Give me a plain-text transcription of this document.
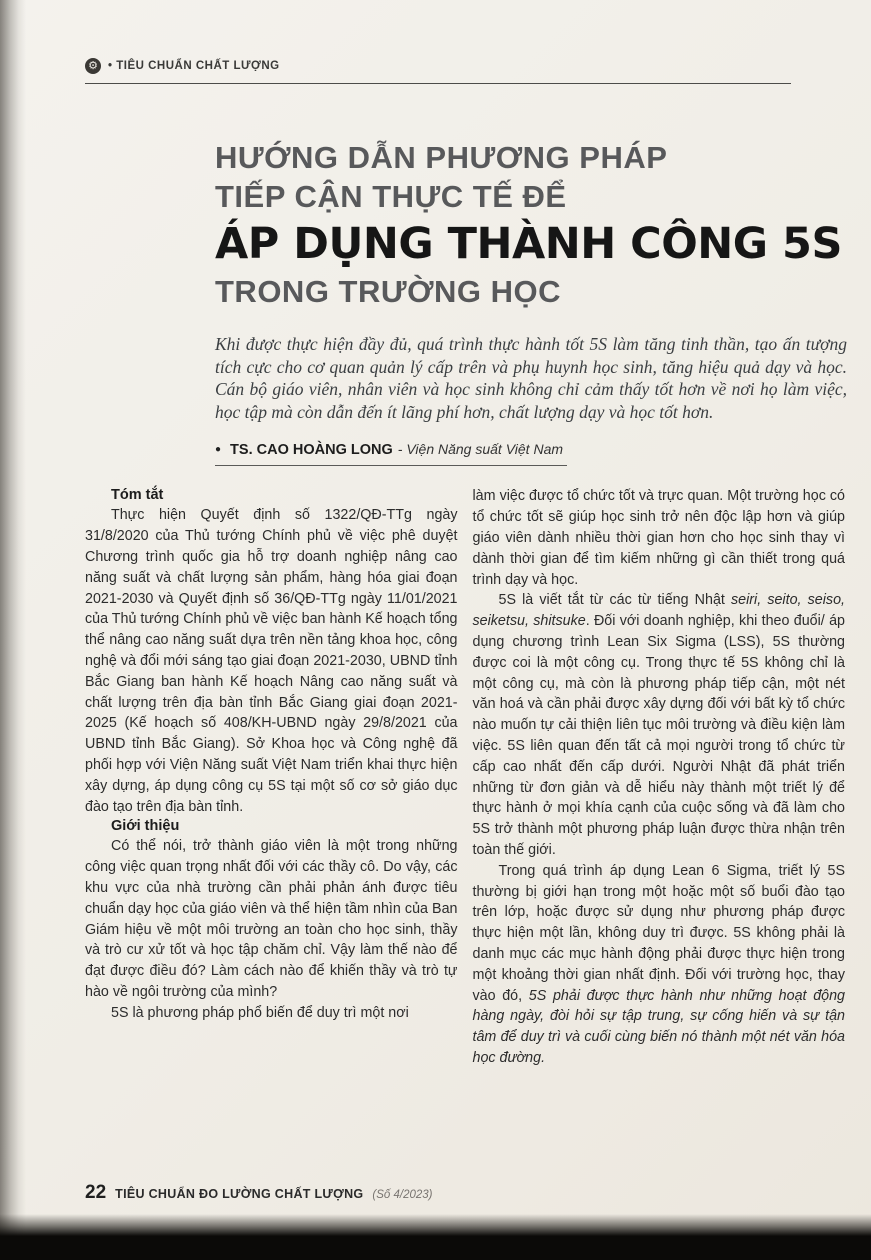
⚙ • TIÊU CHUẨN CHẤT LƯỢNG
HƯỚNG DẪN PHƯƠNG PHÁP
TIẾP CẬN THỰC TẾ ĐỂ
ÁP DỤNG THÀNH CÔNG 5S
TRONG TRƯỜNG HỌC
Khi được thực hiện đầy đủ, quá trình thực hành tốt 5S làm tăng tinh thần, tạo ấn tượng tích cực cho cơ quan quản lý cấp trên và phụ huynh học sinh, tăng hiệu quả dạy và học. Cán bộ giáo viên, nhân viên và học sinh không chỉ cảm thấy tốt hơn về nơi họ làm việc, học tập mà còn dẫn đến ít lãng phí hơn, chất lượng dạy và học tốt hơn.
● TS. CAO HOÀNG LONG - Viện Năng suất Việt Nam
Tóm tắt

Thực hiện Quyết định số 1322/QĐ-TTg ngày 31/8/2020 của Thủ tướng Chính phủ về việc phê duyệt Chương trình quốc gia hỗ trợ doanh nghiệp nâng cao năng suất và chất lượng sản phẩm, hàng hóa giai đoạn 2021-2030 và Quyết định số 36/QĐ-TTg ngày 11/01/2021 của Thủ tướng Chính phủ về việc ban hành Kế hoạch tổng thể nâng cao năng suất dựa trên nền tảng khoa học, công nghệ và đổi mới sáng tạo giai đoạn 2021-2030, UBND tỉnh Bắc Giang ban hành Kế hoạch Nâng cao năng suất và chất lượng trên địa bàn tỉnh Bắc Giang giai đoạn 2021-2025 (Kế hoạch số 408/KH-UBND ngày 29/8/2021 của UBND tỉnh Bắc Giang). Sở Khoa học và Công nghệ đã phối hợp với Viện Năng suất Việt Nam triển khai thực hiện xây dựng, áp dụng công cụ 5S tại một số cơ sở giáo dục đào tạo trên địa bàn tỉnh.

Giới thiệu

Có thể nói, trở thành giáo viên là một trong những công việc quan trọng nhất đối với các thầy cô. Do vậy, các khu vực của nhà trường cần phải phản ánh được tiêu chuẩn dạy học của giáo viên và thể hiện tầm nhìn của Ban Giám hiệu về một môi trường an toàn cho học sinh, thầy và trò cư xử tốt và học tập chăm chỉ. Vậy làm thế nào để đạt được điều đó? Làm cách nào để khiến thầy và trò tự hào về ngôi trường của mình?

5S là phương pháp phổ biến để duy trì một nơi

làm việc được tổ chức tốt và trực quan. Một trường học có tổ chức tốt sẽ giúp học sinh trở nên độc lập hơn và giúp giáo viên dành nhiều thời gian hơn cho học sinh thay vì dành thời gian để tìm kiếm những gì cần thiết trong quá trình dạy và học.

5S là viết tắt từ các từ tiếng Nhật seiri, seito, seiso, seiketsu, shitsuke. Đối với doanh nghiệp, khi theo đuổi/ áp dụng chương trình Lean Six Sigma (LSS), 5S thường được coi là một công cụ. Trong thực tế 5S không chỉ là một công cụ, mà còn là phương pháp tiếp cận, một nét văn hoá và cần phải được xây dựng đối với bất kỳ tổ chức nào muốn tự cải thiện liên tục môi trường và điều kiện làm việc. 5S liên quan đến tất cả mọi người trong tổ chức từ cấp cao nhất đến cấp dưới. Người Nhật đã phát triển những từ đơn giản và dễ hiểu này thành một triết lý để thực hành ở mọi khía cạnh của cuộc sống và đã làm cho 5S trở thành một phương pháp luận được thừa nhận trên toàn thế giới.

Trong quá trình áp dụng Lean 6 Sigma, triết lý 5S thường bị giới hạn trong một hoặc một số buổi đào tạo trên lớp, hoặc được sử dụng như phương pháp được thực hiện một lần, không duy trì được. 5S không phải là danh mục các mục hành động phải được thực hiện trong một khoảng thời gian nhất định. Đối với trường học, thay vào đó, 5S phải được thực hành như những hoạt động hàng ngày, đòi hỏi sự tập trung, sự cống hiến và sự tận tâm để duy trì và cuối cùng biến nó thành một nét văn hóa học đường.

22 TIÊU CHUẨN ĐO LƯỜNG CHẤT LƯỢNG (Số 4/2023)
